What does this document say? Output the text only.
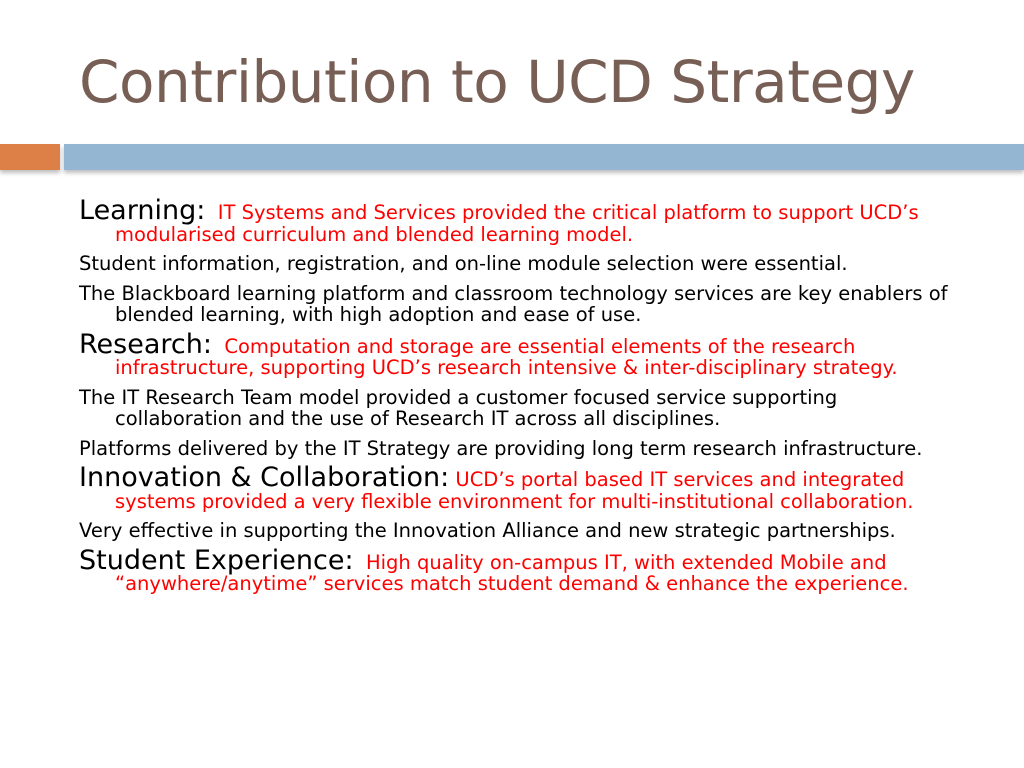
Contribution to UCD Strategy

Learning: IT Systems and Services provided the critical platform to support UCD’s modularised curriculum and blended learning model.

Student information, registration, and on-line module selection were essential.

The Blackboard learning platform and classroom technology services are key enablers of blended learning, with high adoption and ease of use.

Research: Computation and storage are essential elements of the research infrastructure, supporting UCD’s research intensive & inter-disciplinary strategy.

The IT Research Team model provided a customer focused service supporting collaboration and the use of Research IT across all disciplines.

Platforms delivered by the IT Strategy are providing long term research infrastructure.

Innovation & Collaboration: UCD’s portal based IT services and integrated systems provided a very flexible environment for multi-institutional collaboration.

Very effective in supporting the Innovation Alliance and new strategic partnerships.

Student Experience: High quality on-campus IT, with extended Mobile and “anywhere/anytime” services match student demand & enhance the experience.
